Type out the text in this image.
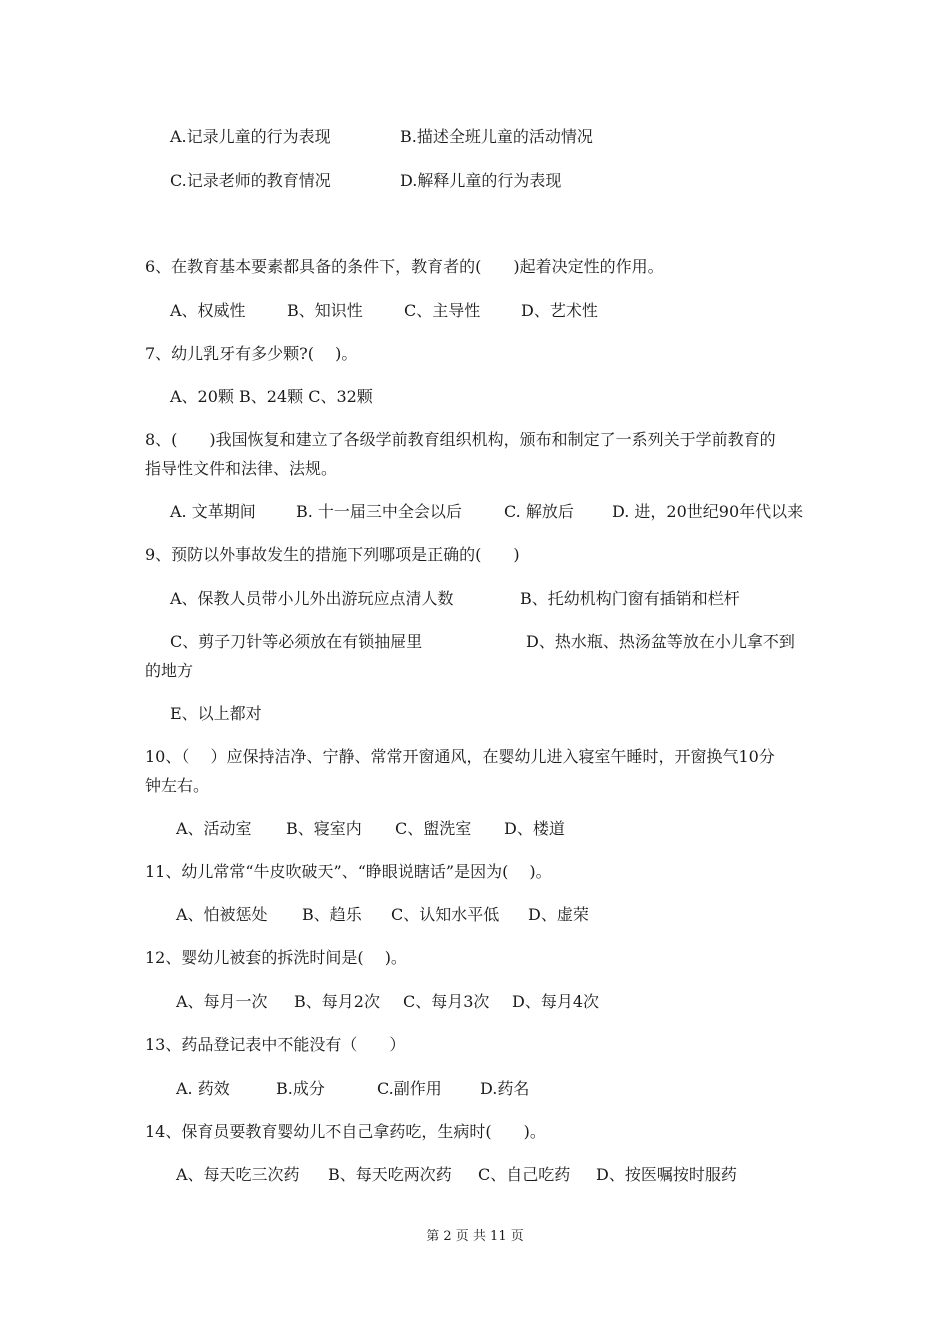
A.记录儿童的行为表现	B.描述全班儿童的活动情况
C.记录老师的教育情况	D.解释儿童的行为表现
6、在教育基本要素都具备的条件下，教育者的(　　)起着决定性的作用。
A、权威性	B、知识性	C、主导性	D、艺术性
7、幼儿乳牙有多少颗?(　 )。
A、20颗 B、24颗 C、32颗
8、(　　)我国恢复和建立了各级学前教育组织机构，颁布和制定了一系列关于学前教育的
指导性文件和法律、法规。
A. 文革期间	B. 十一届三中全会以后	C. 解放后 D. 进，20世纪90年代以来
9、预防以外事故发生的措施下列哪项是正确的(　　)
A、保教人员带小儿外出游玩应点清人数	B、托幼机构门窗有插销和栏杆
C、剪子刀针等必须放在有锁抽屉里	D、热水瓶、热汤盆等放在小儿拿不到
的地方
E、以上都对
10、（　 ）应保持洁净、宁静、常常开窗通风，在婴幼儿进入寝室午睡时，开窗换气10分
钟左右。
A、活动室 B、寝室内 C、盥洗室 D、楼道
11、幼儿常常“牛皮吹破天”、“睁眼说瞎话”是因为(　 )。
A、怕被惩处 B、趋乐 C、认知水平低 D、虚荣
12、婴幼儿被套的拆洗时间是(　 )。
A、每月一次 B、每月2次 C、每月3次 D、每月4次
13、药品登记表中不能没有（　　）
A. 药效	B.成分	C.副作用 D.药名
14、保育员要教育婴幼儿不自己拿药吃，生病时(　　)。
A、每天吃三次药 B、每天吃两次药 C、自己吃药 D、按医嘱按时服药
第 2 页 共 11 页
